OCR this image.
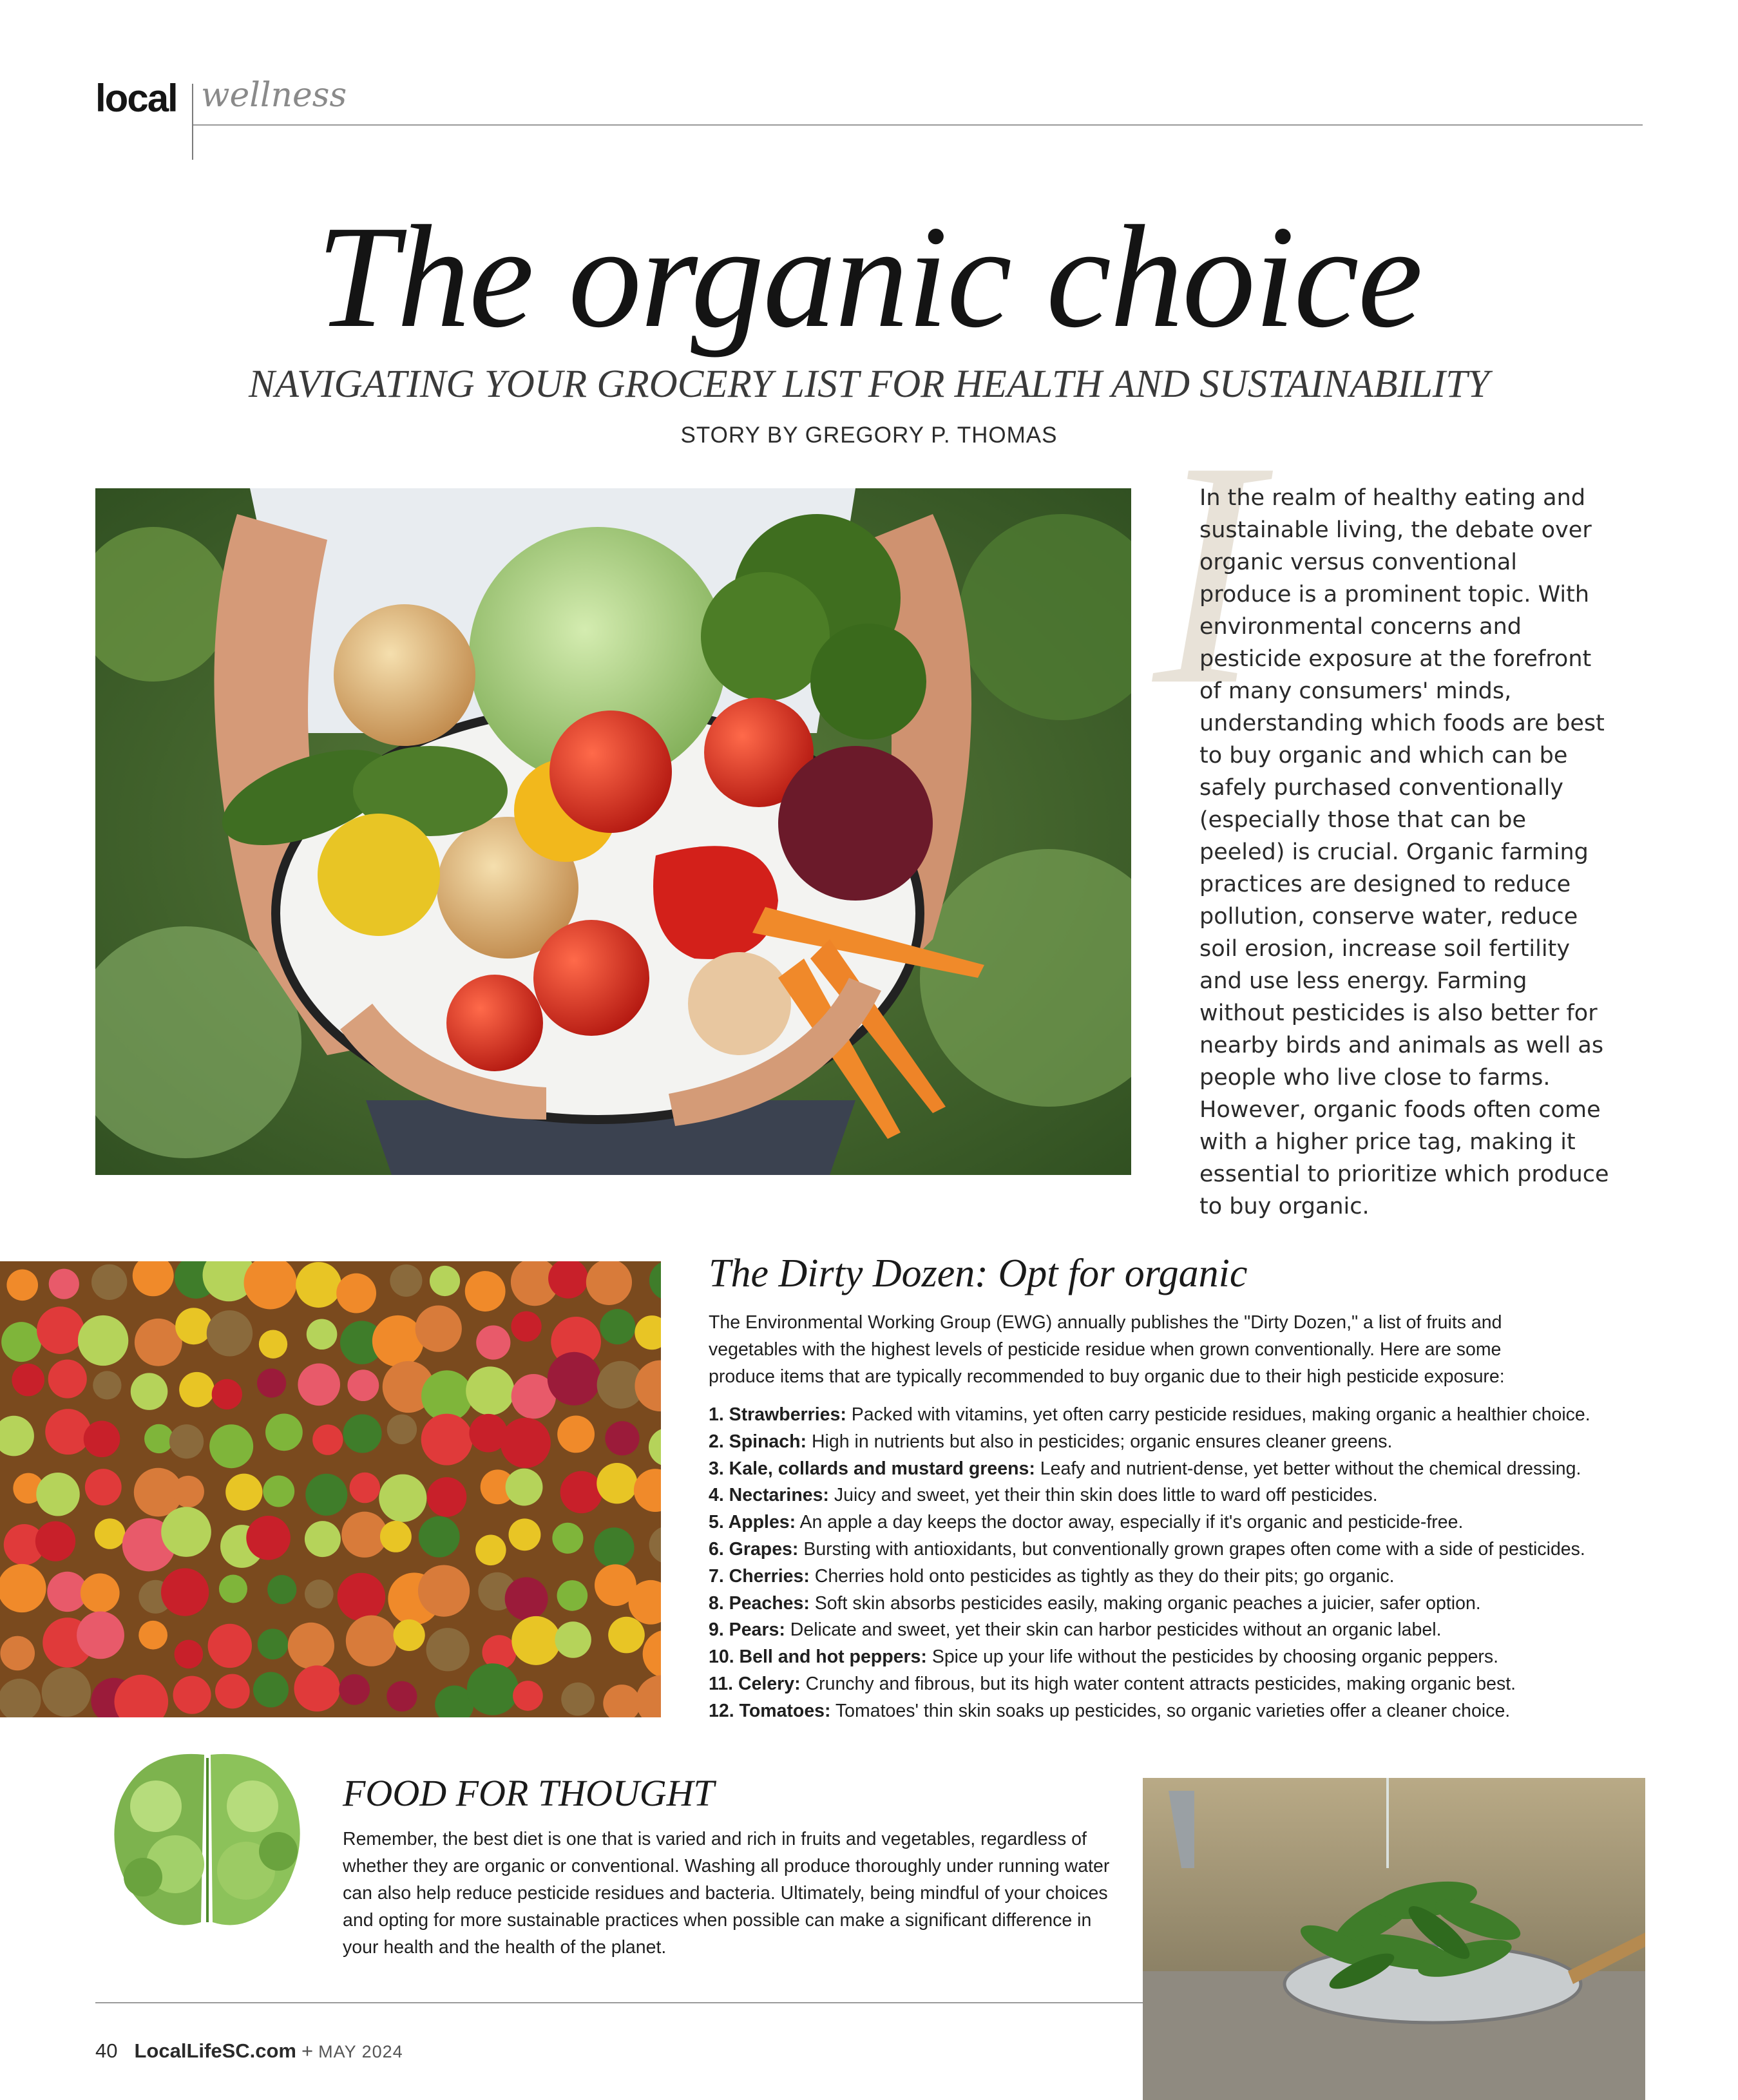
local wellness
The organic choice
NAVIGATING YOUR GROCERY LIST FOR HEALTH AND SUSTAINABILITY
STORY BY GREGORY P. THOMAS I
In the realm of healthy eating and sustainable living, the debate over organic versus conventional produce is a prominent topic. With environmental concerns and pesticide exposure at the forefront of many consumers' minds, understanding which foods are best to buy organic and which can be safely purchased conventionally (especially those that can be peeled) is crucial. Organic farming practices are designed to reduce pollution, conserve water, reduce soil erosion, increase soil fertility and use less energy. Farming without pesticides is also better for nearby birds and animals as well as people who live close to farms. However, organic foods often come with a higher price tag, making it essential to prioritize which produce to buy organic.
The Dirty Dozen: Opt for organic
The Environmental Working Group (EWG) annually publishes the "Dirty Dozen," a list of fruits and vegetables with the highest levels of pesticide residue when grown conventionally. Here are some produce items that are typically recommended to buy organic due to their high pesticide exposure:
1. Strawberries: Packed with vitamins, yet often carry pesticide residues, making organic a healthier choice.
2. Spinach: High in nutrients but also in pesticides; organic ensures cleaner greens.
3. Kale, collards and mustard greens: Leafy and nutrient-dense, yet better without the chemical dressing.
4. Nectarines: Juicy and sweet, yet their thin skin does little to ward off pesticides.
5. Apples: An apple a day keeps the doctor away, especially if it's organic and pesticide-free.
6. Grapes: Bursting with antioxidants, but conventionally grown grapes often come with a side of pesticides.
7. Cherries: Cherries hold onto pesticides as tightly as they do their pits; go organic.
8. Peaches: Soft skin absorbs pesticides easily, making organic peaches a juicier, safer option.
9. Pears: Delicate and sweet, yet their skin can harbor pesticides without an organic label.
10. Bell and hot peppers: Spice up your life without the pesticides by choosing organic peppers.
11. Celery: Crunchy and fibrous, but its high water content attracts pesticides, making organic best.
12. Tomatoes: Tomatoes' thin skin soaks up pesticides, so organic varieties offer a cleaner choice.
FOOD FOR THOUGHT
Remember, the best diet is one that is varied and rich in fruits and vegetables, regardless of whether they are organic or conventional. Washing all produce thoroughly under running water can also help reduce pesticide residues and bacteria. Ultimately, being mindful of your choices and opting for more sustainable practices when possible can make a significant difference in your health and the health of the planet.
40 LocalLifeSC.com + MAY 2024
